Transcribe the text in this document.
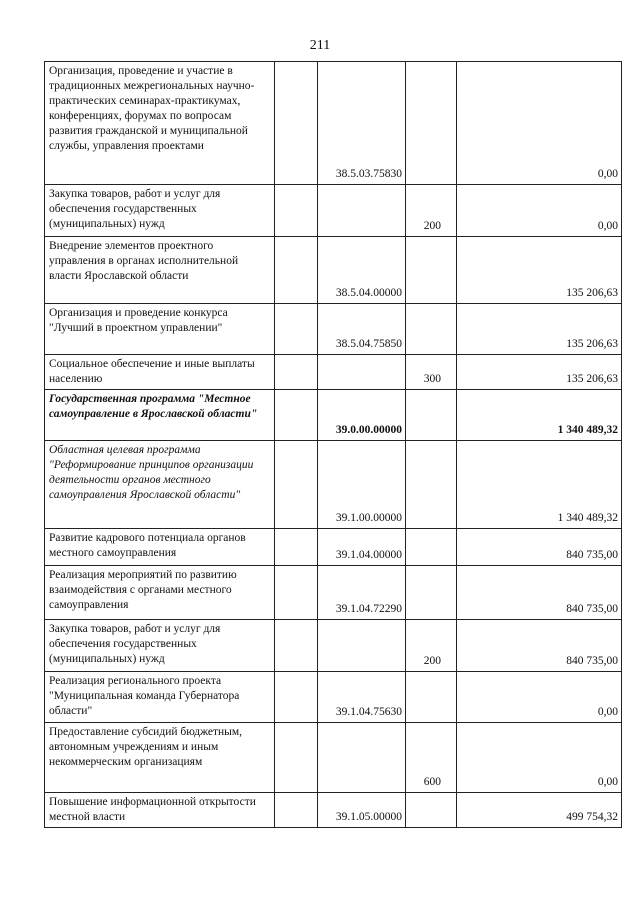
211
Организация, проведение и участие в традиционных межрегиональных научно-практических семинарах-практикумах, конференциях, форумах по вопросам развития гражданской и муниципальной службы, управления проектами		38.5.03.75830		0,00
Закупка товаров, работ и услуг для обеспечения государственных (муниципальных) нужд			200	0,00
Внедрение элементов проектного управления в органах исполнительной власти Ярославской области		38.5.04.00000		135 206,63
Организация и проведение конкурса "Лучший в проектном управлении"		38.5.04.75850		135 206,63
Социальное обеспечение и иные выплаты населению			300	135 206,63
Государственная программа "Местное самоуправление в Ярославской области"		39.0.00.00000		1 340 489,32
Областная целевая программа "Реформирование принципов организации деятельности органов местного самоуправления Ярославской области"		39.1.00.00000		1 340 489,32
Развитие кадрового потенциала органов местного самоуправления		39.1.04.00000		840 735,00
Реализация мероприятий по развитию взаимодействия с органами местного самоуправления		39.1.04.72290		840 735,00
Закупка товаров, работ и услуг для обеспечения государственных (муниципальных) нужд			200	840 735,00
Реализация регионального проекта "Муниципальная команда Губернатора области"		39.1.04.75630		0,00
Предоставление субсидий бюджетным, автономным учреждениям и иным некоммерческим организациям			600	0,00
Повышение информационной открытости местной власти		39.1.05.00000		499 754,32
